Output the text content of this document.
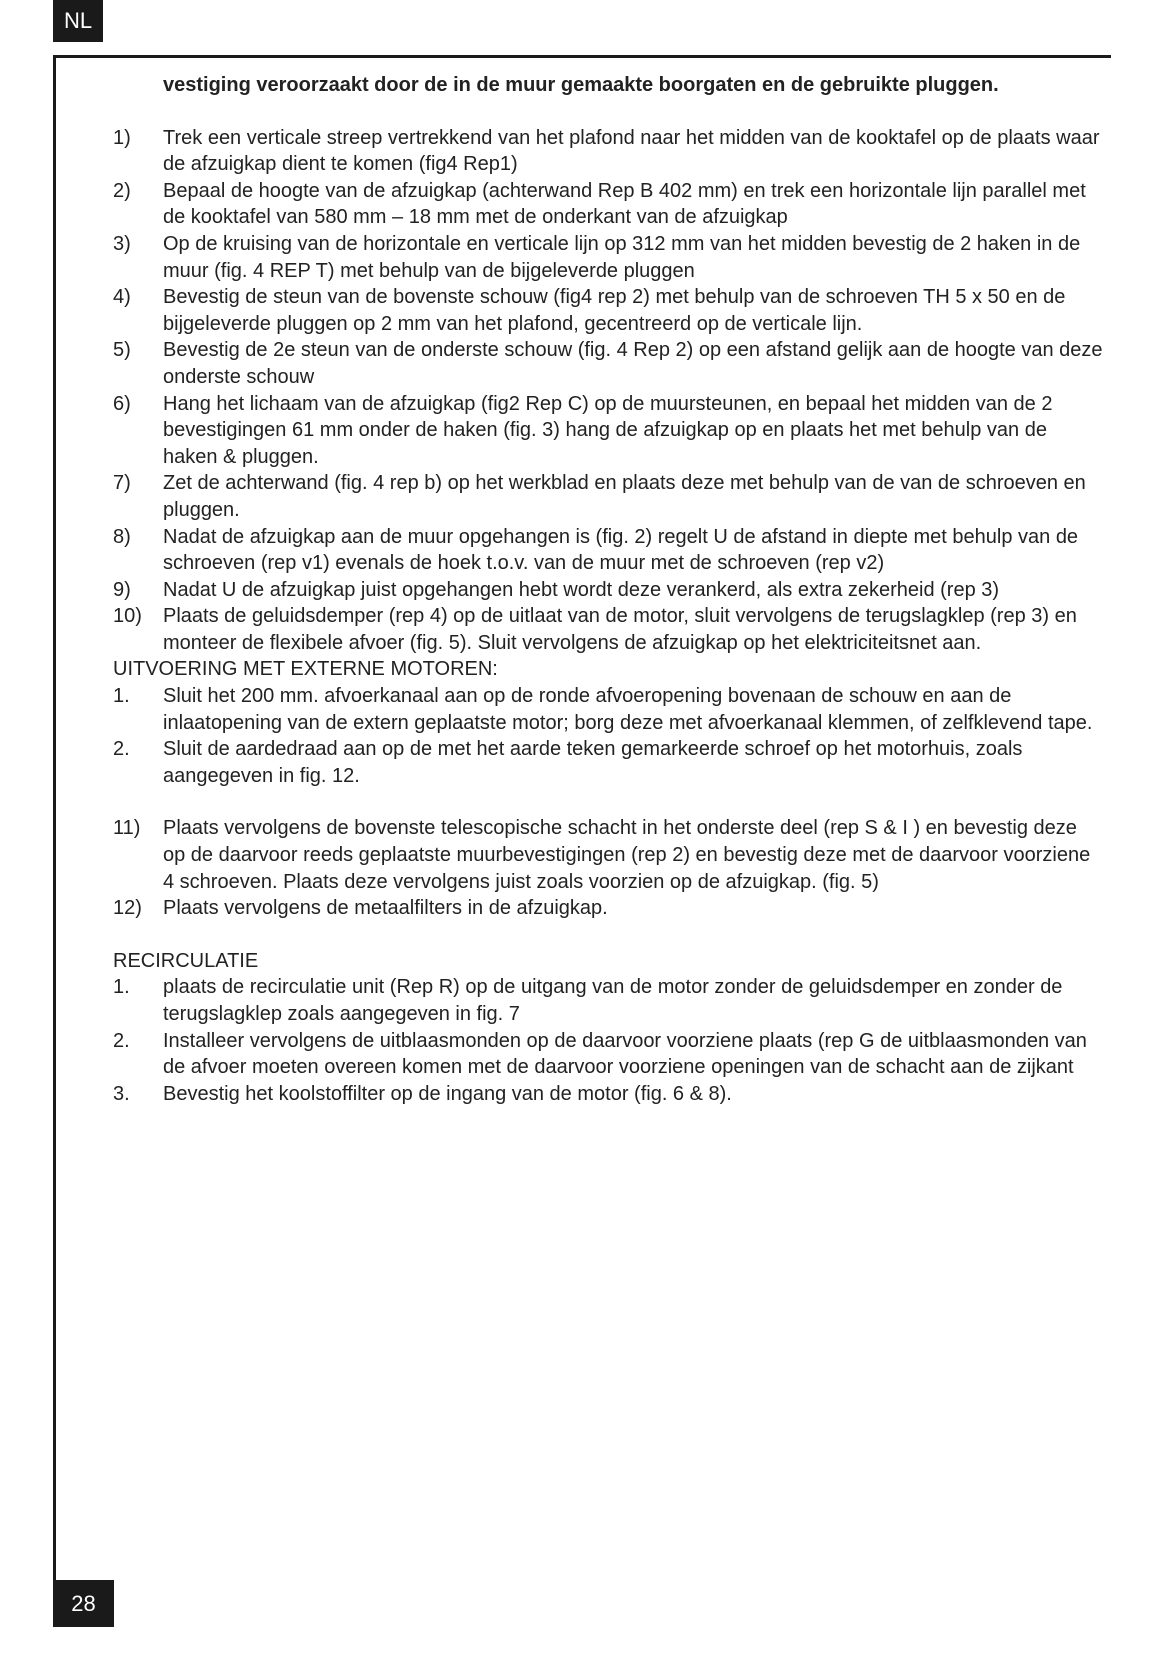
NL

vestiging veroorzaakt door de in de muur gemaakte boorgaten en de gebruikte pluggen.

1) Trek een verticale streep vertrekkend van het plafond naar het midden van de kooktafel op de plaats waar de afzuigkap dient te komen (fig4 Rep1)
2) Bepaal de hoogte van de afzuigkap (achterwand Rep B 402 mm) en trek een horizontale lijn parallel met de kooktafel van 580 mm – 18 mm met de onderkant van de afzuigkap
3) Op de kruising van de horizontale en verticale lijn op 312 mm van het midden bevestig de 2 haken in de muur (fig. 4 REP T) met behulp van de bijgeleverde pluggen
4) Bevestig de steun van de bovenste schouw (fig4 rep 2) met behulp van de schroeven TH 5 x 50 en de bijgeleverde pluggen op 2 mm van het plafond, gecentreerd op de verticale lijn.
5) Bevestig de 2e steun van de onderste schouw (fig. 4 Rep 2) op een afstand gelijk aan de hoogte van deze onderste schouw
6) Hang het lichaam van de afzuigkap (fig2 Rep C) op de muursteunen, en bepaal het midden van de 2 bevestigingen 61 mm onder de haken (fig. 3) hang de afzuigkap op en plaats het met behulp van de haken & pluggen.
7) Zet de achterwand (fig. 4 rep b) op het werkblad en plaats deze met behulp van de van de schroeven en pluggen.
8) Nadat de afzuigkap aan de muur opgehangen is (fig. 2) regelt U de afstand in diepte met behulp van de schroeven (rep v1) evenals de hoek t.o.v. van de muur met de schroeven (rep v2)
9) Nadat U de afzuigkap juist opgehangen hebt wordt deze verankerd, als extra zekerheid (rep 3)
10) Plaats de geluidsdemper (rep 4) op de uitlaat van de motor, sluit vervolgens de terugslagklep (rep 3) en monteer de flexibele afvoer (fig. 5). Sluit vervolgens de afzuigkap op het elektriciteitsnet aan.

UITVOERING MET EXTERNE MOTOREN:

1. Sluit het 200 mm. afvoerkanaal aan op de ronde afvoeropening bovenaan de schouw en aan de inlaatopening van de extern geplaatste motor; borg deze met afvoerkanaal klemmen, of zelfklevend tape.
2. Sluit de aardedraad aan op de met het aarde teken gemarkeerde schroef op het motorhuis, zoals aangegeven in fig. 12.
11) Plaats vervolgens de bovenste telescopische schacht in het onderste deel (rep S & I ) en bevestig deze op de daarvoor reeds geplaatste muurbevestigingen (rep 2) en bevestig deze met de daarvoor voorziene 4 schroeven. Plaats deze vervolgens juist zoals voorzien op de afzuigkap. (fig. 5)
12) Plaats vervolgens de metaalfilters in de afzuigkap.

RECIRCULATIE

1. plaats de recirculatie unit (Rep R) op de uitgang van de motor zonder de geluidsdemper en zonder de terugslagklep zoals aangegeven in fig. 7
2. Installeer vervolgens de uitblaasmonden op de daarvoor voorziene plaats (rep G de uitblaasmonden van de afvoer moeten overeen komen met de daarvoor voorziene openingen van de schacht aan de zijkant
3. Bevestig het koolstoffilter op de ingang van de motor (fig. 6 & 8).
28
